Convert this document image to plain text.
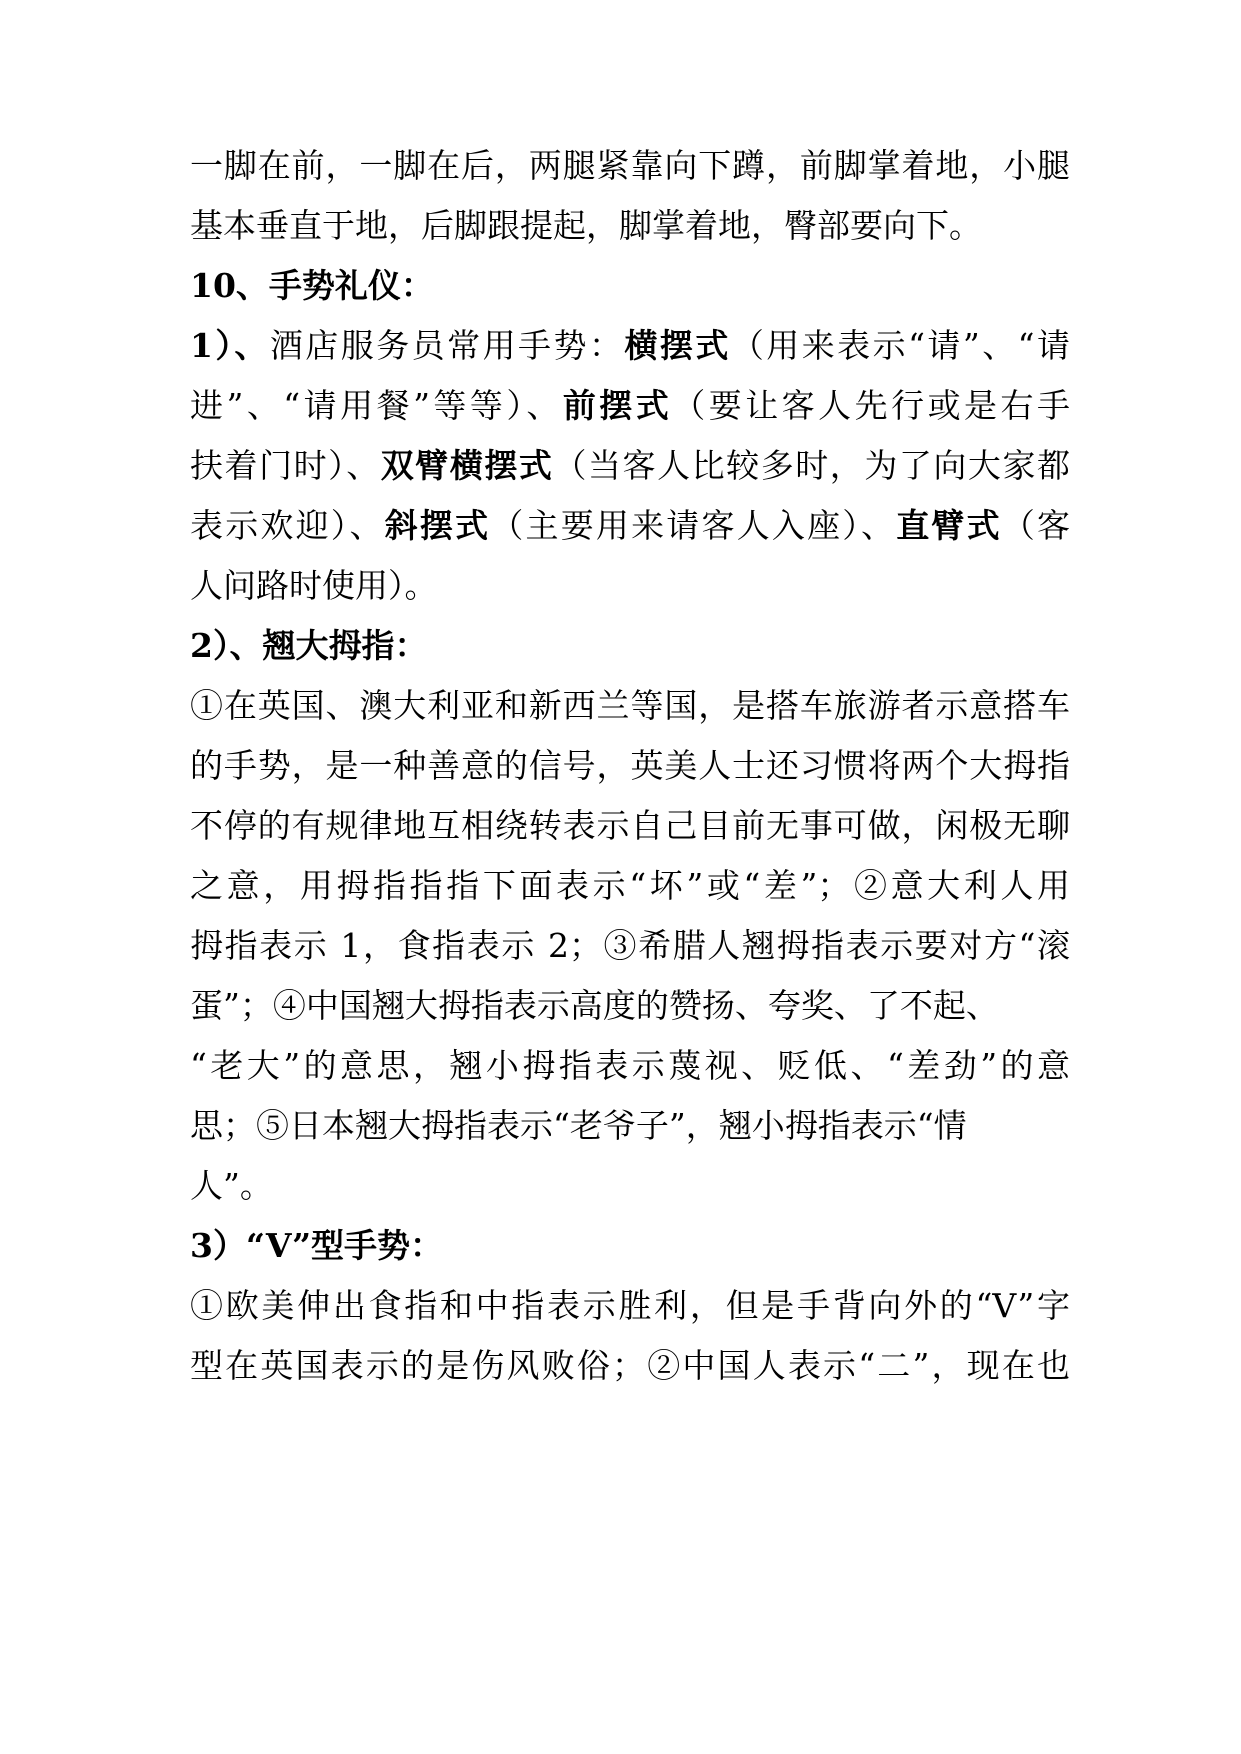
一脚在前，一脚在后，两腿紧靠向下蹲，前脚掌着地，小腿
基本垂直于地，后脚跟提起，脚掌着地，臀部要向下。
10、手势礼仪：
1）、酒店服务员常用手势：横摆式（用来表示“请”、“请
进”、“请用餐”等等）、前摆式（要让客人先行或是右手
扶着门时）、双臂横摆式（当客人比较多时，为了向大家都
表示欢迎）、斜摆式（主要用来请客人入座）、直臂式（客
人问路时使用）。
2）、翘大拇指：
①在英国、澳大利亚和新西兰等国，是搭车旅游者示意搭车
的手势，是一种善意的信号，英美人士还习惯将两个大拇指
不停的有规律地互相绕转表示自己目前无事可做，闲极无聊
之意，用拇指指指下面表示“坏”或“差”；②意大利人用
拇指表示 1，食指表示 2；③希腊人翘拇指表示要对方“滚
蛋”；④中国翘大拇指表示高度的赞扬、夸奖、了不起、
“老大”的意思，翘小拇指表示蔑视、贬低、“差劲”的意
思；⑤日本翘大拇指表示“老爷子”，翘小拇指表示“情
人”。
3）“V”型手势：
①欧美伸出食指和中指表示胜利，但是手背向外的“V”字
型在英国表示的是伤风败俗；②中国人表示“二”，现在也
